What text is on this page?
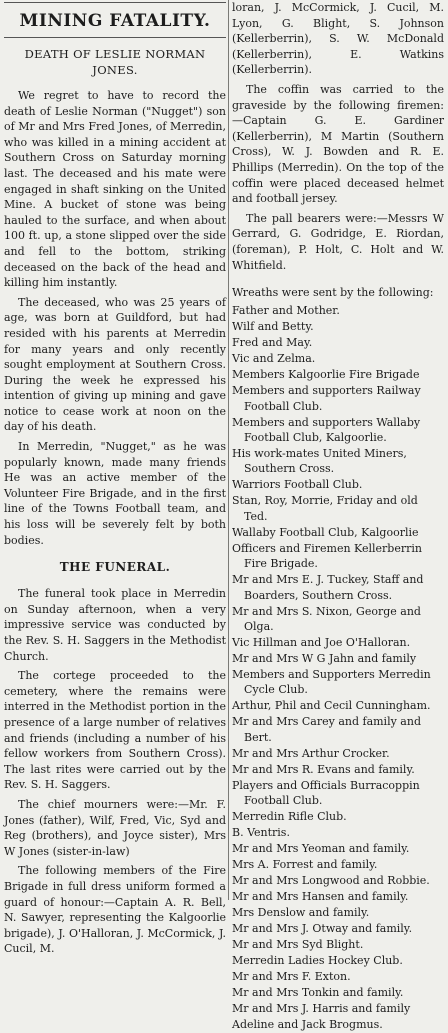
MINING FATALITY.
DEATH OF LESLIE NORMAN JONES.

We regret to have to record the death of Leslie Norman ("Nugget") son of Mr and Mrs Fred Jones, of Merredin, who was killed in a mining accident at Southern Cross on Saturday morning last. The deceased and his mate were engaged in shaft sinking on the United Mine. A bucket of stone was being hauled to the surface, and when about 100 ft. up, a stone slipped over the side and fell to the bottom, striking deceased on the back of the head and killing him instantly.

The deceased, who was 25 years of age, was born at Guildford, but had resided with his parents at Merredin for many years and only recently sought employment at Southern Cross. During the week he expressed his intention of giving up mining and gave notice to cease work at noon on the day of his death.

In Merredin, "Nugget," as he was popularly known, made many friends He was an active member of the Volunteer Fire Brigade, and in the first line of the Towns Football team, and his loss will be severely felt by both bodies.

THE FUNERAL.

The funeral took place in Merredin on Sunday afternoon, when a very impressive service was conducted by the Rev. S. H. Saggers in the Methodist Church.

The cortege proceeded to the cemetery, where the remains were interred in the Methodist portion in the presence of a large number of relatives and friends (including a number of his fellow workers from Southern Cross). The last rites were carried out by the Rev. S. H. Saggers.

The chief mourners were:—Mr. F. Jones (father), Wilf, Fred, Vic, Syd and Reg (brothers), and Joyce sister), Mrs W Jones (sister-in-law)

The following members of the Fire Brigade in full dress uniform formed a guard of honour:—Captain A. R. Bell, N. Sawyer, representing the Kalgoorlie brigade), J. O'Halloran, J. McCormick, J. Cucil, M.

loran, J. McCormick, J. Cucil, M. Lyon, G. Blight, S. Johnson (Kellerberrin), S. W. McDonald (Kellerberrin), E. Watkins (Kellerberrin).

The coffin was carried to the graveside by the following firemen: —Captain G. E. Gardiner (Kellerberrin), M Martin (Southern Cross), W. J. Bowden and R. E. Phillips (Merredin). On the top of the coffin were placed deceased helmet and football jersey.

The pall bearers were:—Messrs W Gerrard, G. Godridge, E. Riordan, (foreman), P. Holt, C. Holt and W. Whitfield.

Wreaths were sent by the following:
Father and Mother.
Wilf and Betty.
Fred and May.
Vic and Zelma.
Members Kalgoorlie Fire Brigade
Members and supporters Railway Football Club.
Members and supporters Wallaby Football Club, Kalgoorlie.
His work-mates United Miners, Southern Cross.
Warriors Football Club.
Stan, Roy, Morrie, Friday and old Ted.
Wallaby Football Club, Kalgoorlie
Officers and Firemen Kellerberrin Fire Brigade.
Mr and Mrs E. J. Tuckey, Staff and Boarders, Southern Cross.
Mr and Mrs S. Nixon, George and Olga.
Vic Hillman and Joe O'Halloran.
Mr and Mrs W G Jahn and family
Members and Supporters Merredin Cycle Club.
Arthur, Phil and Cecil Cunningham.
Mr and Mrs Carey and family and Bert.
Mr and Mrs Arthur Crocker.
Mr and Mrs R. Evans and family.
Players and Officials Burracoppin Football Club.
Merredin Rifle Club.
B. Ventris.
Mr and Mrs Yeoman and family.
Mrs A. Forrest and family.
Mr and Mrs Longwood and Robbie.
Mr and Mrs Hansen and family.
Mrs Denslow and family.
Mr and Mrs J. Otway and family.
Mr and Mrs Syd Blight.
Merredin Ladies Hockey Club.
Mr and Mrs F. Exton.
Mr and Mrs Tonkin and family.
Mr and Mrs J. Harris and family
Adeline and Jack Brogmus.
